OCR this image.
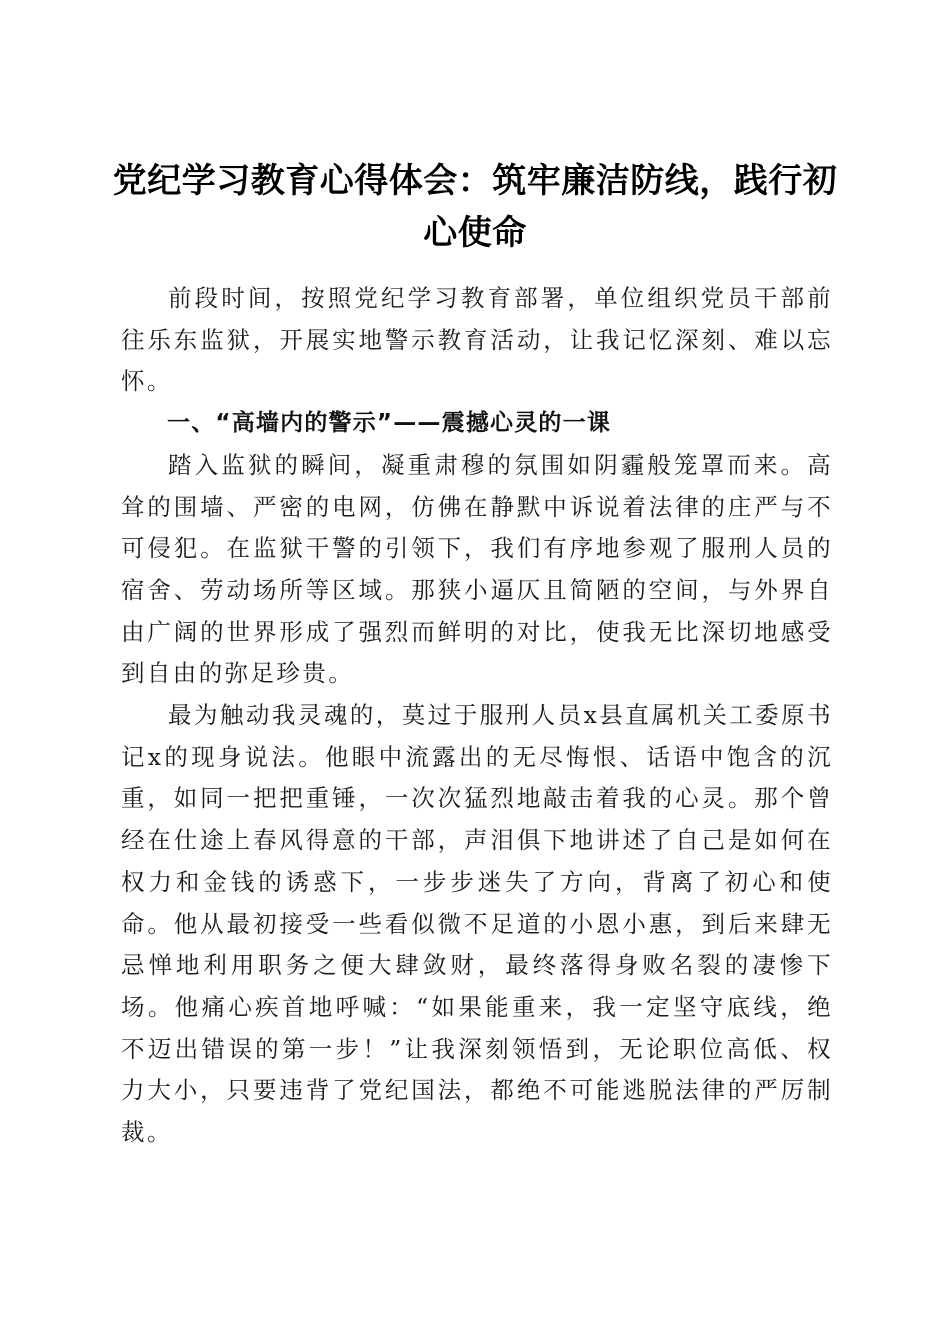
党纪学习教育心得体会：筑牢廉洁防线，践行初心使命

前段时间，按照党纪学习教育部署，单位组织党员干部前往乐东监狱，开展实地警示教育活动，让我记忆深刻、难以忘怀。

一、“高墙内的警示”——震撼心灵的一课

踏入监狱的瞬间，凝重肃穆的氛围如阴霾般笼罩而来。高耸的围墙、严密的电网，仿佛在静默中诉说着法律的庄严与不可侵犯。在监狱干警的引领下，我们有序地参观了服刑人员的宿舍、劳动场所等区域。那狭小逼仄且简陋的空间，与外界自由广阔的世界形成了强烈而鲜明的对比，使我无比深切地感受到自由的弥足珍贵。

最为触动我灵魂的，莫过于服刑人员x县直属机关工委原书记x的现身说法。他眼中流露出的无尽悔恨、话语中饱含的沉重，如同一把把重锤，一次次猛烈地敲击着我的心灵。那个曾经在仕途上春风得意的干部，声泪俱下地讲述了自己是如何在权力和金钱的诱惑下，一步步迷失了方向，背离了初心和使命。他从最初接受一些看似微不足道的小恩小惠，到后来肆无忌惮地利用职务之便大肆敛财，最终落得身败名裂的凄惨下场。他痛心疾首地呼喊：“如果能重来，我一定坚守底线，绝不迈出错误的第一步！”让我深刻领悟到，无论职位高低、权力大小，只要违背了党纪国法，都绝不可能逃脱法律的严厉制裁。
